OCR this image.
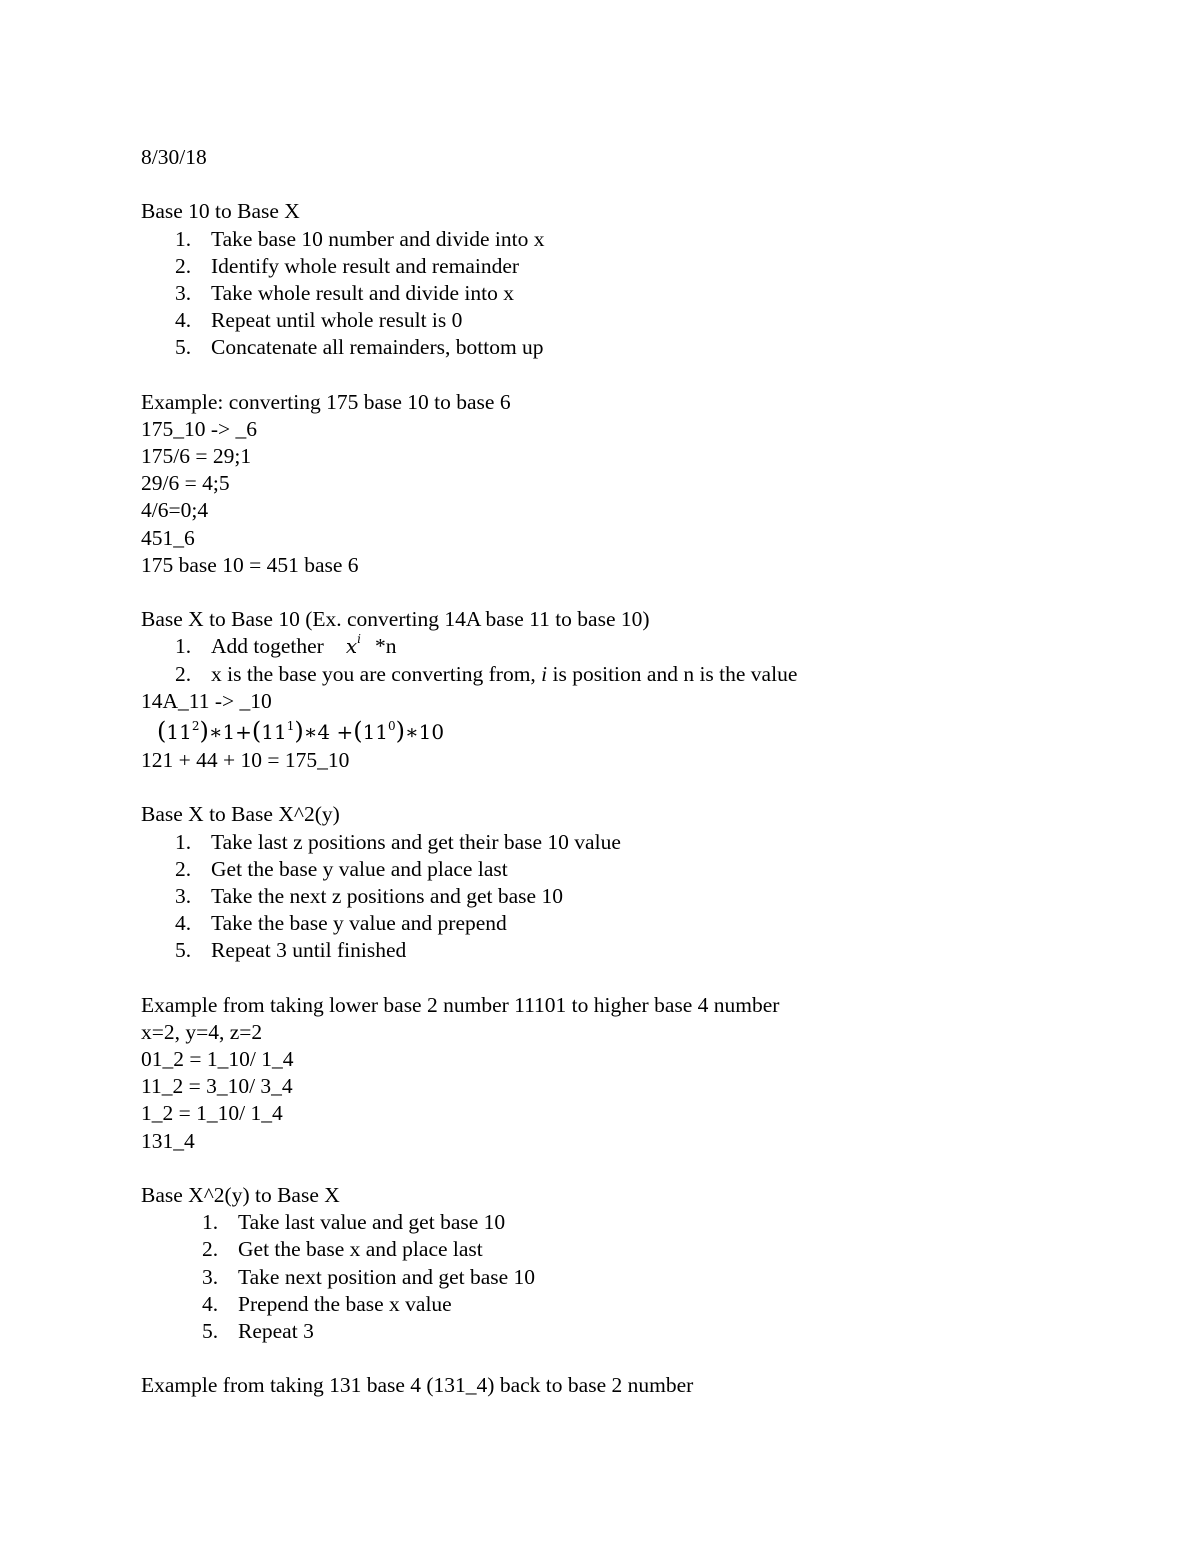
8/30/18
Base 10 to Base X
1. Take base 10 number and divide into x
2. Identify whole result and remainder
3. Take whole result and divide into x
4. Repeat until whole result is 0
5. Concatenate all remainders, bottom up
Example: converting 175 base 10 to base 6
175_10 -> _6
175/6 = 29;1
29/6 = 4;5
4/6=0;4
451_6
175 base 10 = 451 base 6
Base X to Base 10 (Ex. converting 14A base 11 to base 10)
1. Add together $x^i$ *n
2. x is the base you are converting from, i is position and n is the value
14A_11 -> _10
$(11^2)∗1+(11^1)∗4$ $+(11^0)∗10$
121 + 44 + 10 = 175_10
Base X to Base X^2(y)
1. Take last z positions and get their base 10 value
2. Get the base y value and place last
3. Take the next z positions and get base 10
4. Take the base y value and prepend
5. Repeat 3 until finished
Example from taking lower base 2 number 11101 to higher base 4 number
x=2, y=4, z=2
01_2 = 1_10/ 1_4
11_2 = 3_10/ 3_4
1_2 = 1_10/ 1_4
131_4
Base X^2(y) to Base X
1. Take last value and get base 10
2. Get the base x and place last
3. Take next position and get base 10
4. Prepend the base x value
5. Repeat 3
Example from taking 131 base 4 (131_4) back to base 2 number
